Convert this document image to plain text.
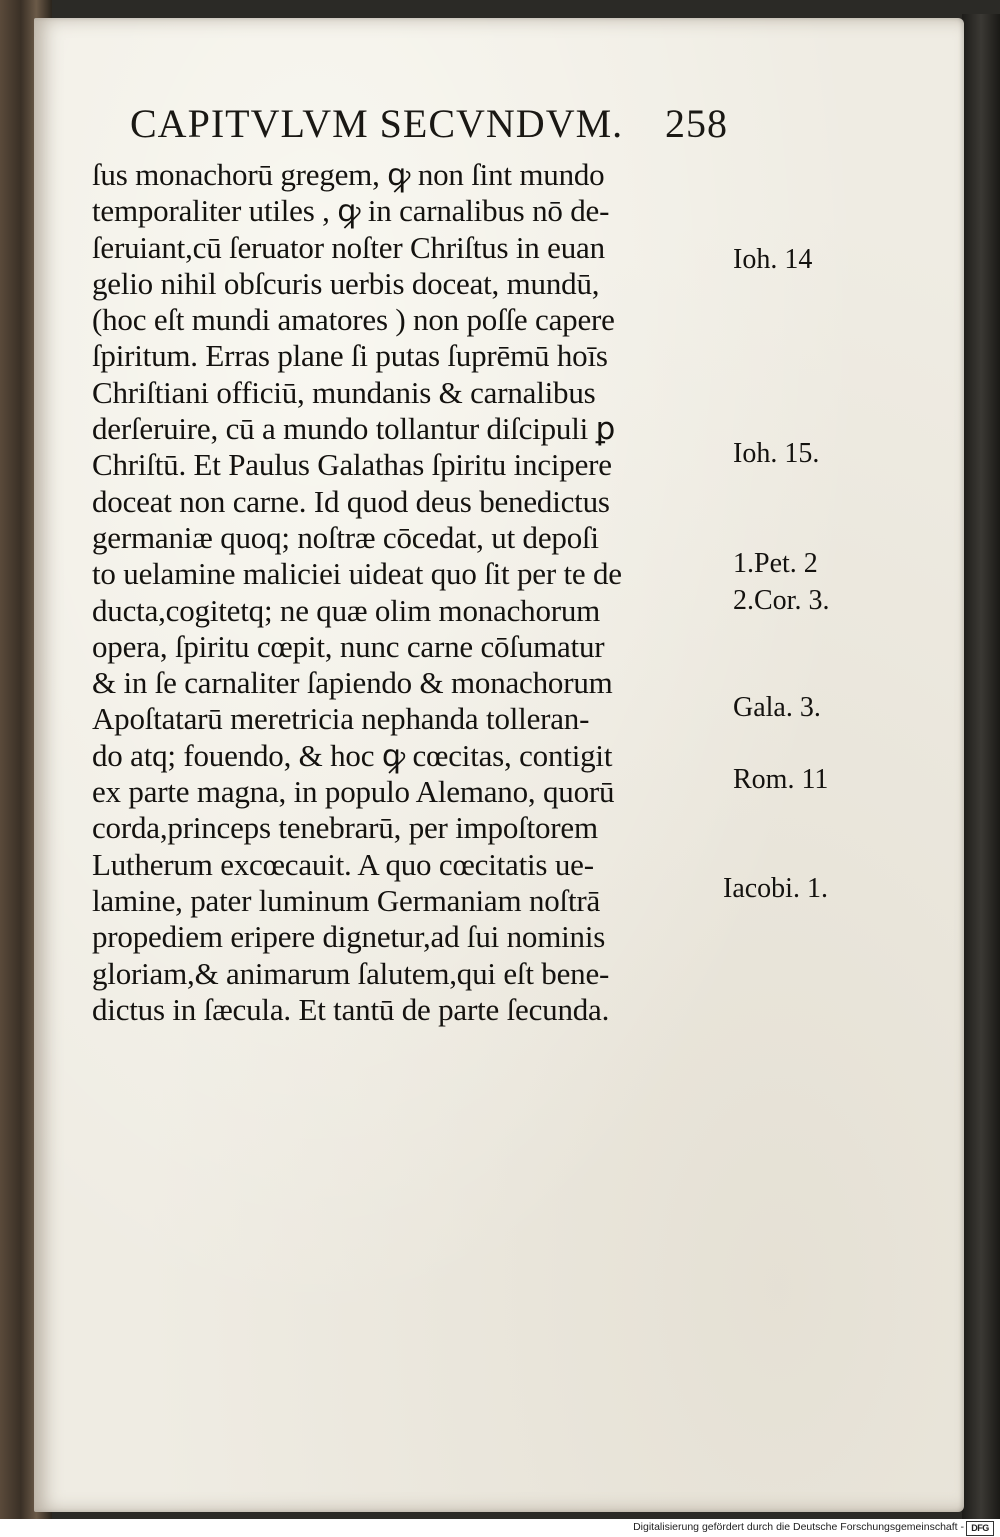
CAPITVLVM SECVNDVM. 258
ſus monachorū gregem, ꝙ non ſint mundo
temporaliter utiles , ꝙ in carnalibus nō de-
ſeruiant,cū ſeruator noſter Chriſtus in euan
gelio nihil obſcuris uerbis doceat, mundū,
(hoc eſt mundi amatores ) non poſſe capere
ſpiritum. Erras plane ſi putas ſuprēmū hoīs
Chriſtiani officiū, mundanis & carnalibus
derſeruire, cū a mundo tollantur diſcipuli ꝑ
Chriſtū. Et Paulus Galathas ſpiritu incipere
doceat non carne. Id quod deus benedictus
germaniæ quoq; noſtræ cōcedat, ut depoſi
to uelamine maliciei uideat quo ſit per te de
ducta,cogitetq; ne quæ olim monachorum
opera, ſpiritu cœpit, nunc carne cōſumatur
& in ſe carnaliter ſapiendo & monachorum
Apoſtatarū meretricia nephanda tolleran-
do atq; fouendo, & hoc ꝙ cœcitas, contigit
ex parte magna, in populo Alemano, quorū
corda,princeps tenebrarū, per impoſtorem
Lutherum excœcauit. A quo cœcitatis ue-
lamine, pater luminum Germaniam noſtrā
propediem eripere dignetur,ad ſui nominis
gloriam,& animarum ſalutem,qui eſt bene-
dictus in ſæcula. Et tantū de parte ſecunda.
Ioh. 14
Ioh. 15.
1.Pet. 2
2.Cor. 3.
Gala. 3.
Rom. 11
Iacobi. 1.
Digitalisierung gefördert durch die Deutsche Forschungsgemeinschaft - DFG
